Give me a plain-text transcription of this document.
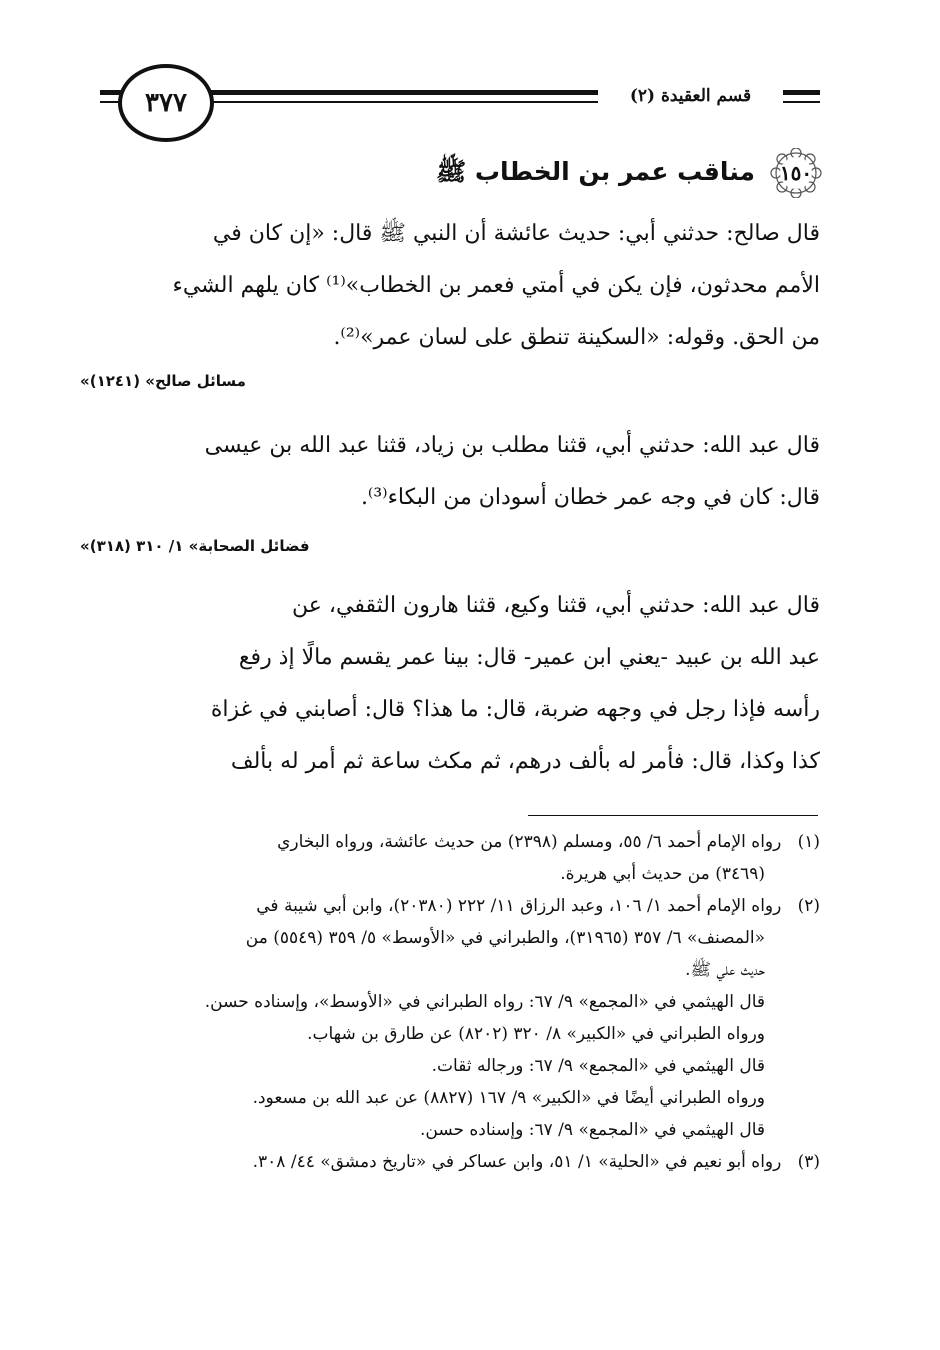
قسم العقيدة (٢)
٣٧٧
١٥٠
مناقب عمر بن الخطاب ﷺ
قال صالح: حدثني أبي: حديث عائشة أن النبي ﷺ قال: «إن كان في
الأمم محدثون، فإن يكن في أمتي فعمر بن الخطاب»⁽¹⁾ كان يلهم الشيء
من الحق. وقوله: «السكينة تنطق على لسان عمر»⁽²⁾.
«مسائل صالح» (١٢٤١)
قال عبد الله: حدثني أبي، قثنا مطلب بن زياد، قثنا عبد الله بن عيسى
قال: كان في وجه عمر خطان أسودان من البكاء⁽³⁾.
«فضائل الصحابة» ١/ ٣١٠ (٣١٨)
قال عبد الله: حدثني أبي، قثنا وكيع، قثنا هارون الثقفي، عن
عبد الله بن عبيد -يعني ابن عمير- قال: بينا عمر يقسم مالًا إذ رفع
رأسه فإذا رجل في وجهه ضربة، قال: ما هذا؟ قال: أصابني في غزاة
كذا وكذا، قال: فأمر له بألف درهم، ثم مكث ساعة ثم أمر له بألف
(١)   رواه الإمام أحمد ٦/ ٥٥، ومسلم (٢٣٩٨) من حديث عائشة، ورواه البخاري
(٣٤٦٩) من حديث أبي هريرة.
(٢)   رواه الإمام أحمد ١/ ١٠٦، وعبد الرزاق ١١/ ٢٢٢ (٢٠٣٨٠)، وابن أبي شيبة في
«المصنف» ٦/ ٣٥٧ (٣١٩٦٥)، والطبراني في «الأوسط» ٥/ ٣٥٩ (٥٥٤٩) من
حديث علي ﷺ.
قال الهيثمي في «المجمع» ٩/ ٦٧: رواه الطبراني في «الأوسط»، وإسناده حسن.
ورواه الطبراني في «الكبير» ٨/ ٣٢٠ (٨٢٠٢) عن طارق بن شهاب.
قال الهيثمي في «المجمع» ٩/ ٦٧: ورجاله ثقات.
ورواه الطبراني أيضًا في «الكبير» ٩/ ١٦٧ (٨٨٢٧) عن عبد الله بن مسعود.
قال الهيثمي في «المجمع» ٩/ ٦٧: وإسناده حسن.
(٣)   رواه أبو نعيم في «الحلية» ١/ ٥١، وابن عساكر في «تاريخ دمشق» ٤٤/ ٣٠٨.
